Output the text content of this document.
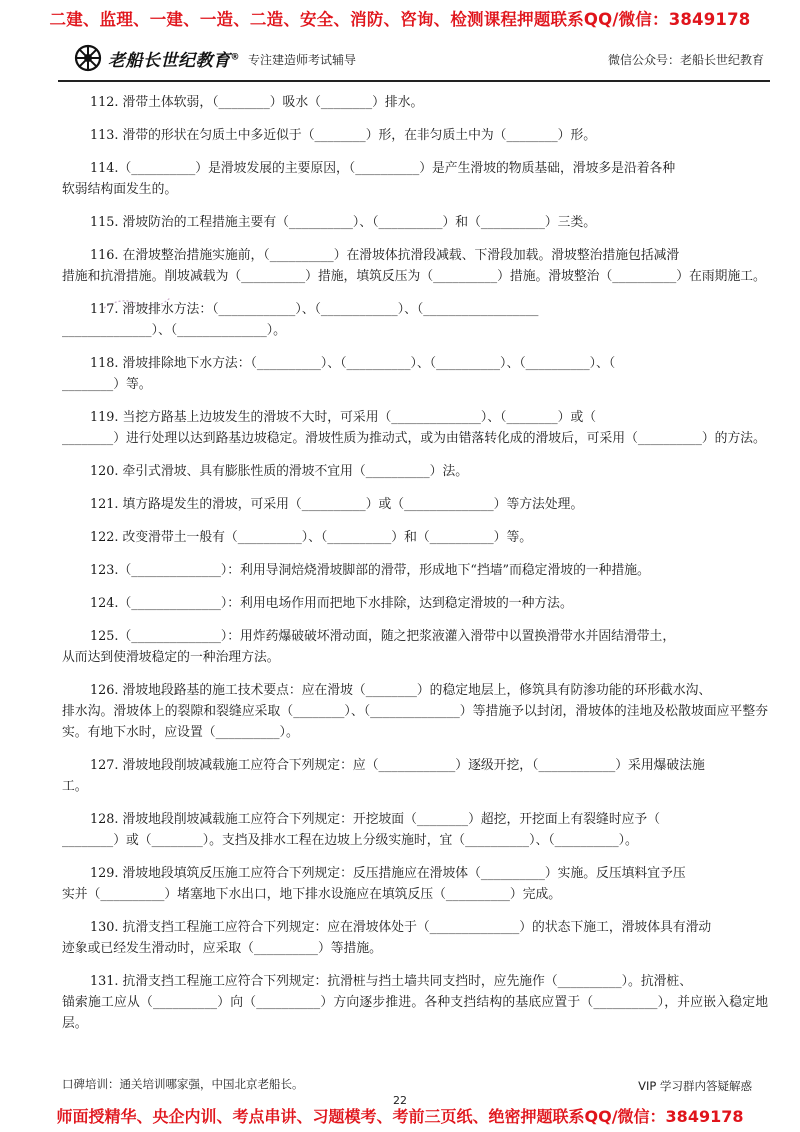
二建、监理、一建、一造、二造、安全、消防、咨询、检测课程押题联系QQ/微信：3849178
老船长世纪教育® 专注建造师考试辅导	微信公众号：老船长世纪教育

112. 滑带土体软弱，（________）吸水（________）排水。

113. 滑带的形状在匀质土中多近似于（________）形，在非匀质土中为（________）形。

114.（__________）是滑坡发展的主要原因，（__________）是产生滑坡的物质基础，滑坡多是沿着各种

软弱结构面发生的。

115. 滑坡防治的工程措施主要有（__________）、（__________）和（__________）三类。

116. 在滑坡整治措施实施前，（__________）在滑坡体抗滑段减载、下滑段加载。滑坡整治措施包括减滑

措施和抗滑措施。削坡减载为（__________）措施，填筑反压为（__________）措施。滑坡整治（__________）在雨期施工。

117. 滑坡排水方法：（____________）、（____________）、（__________________

______________）、（______________）。

118. 滑坡排除地下水方法：（__________）、（__________）、（__________）、（__________）、（

________）等。

119. 当挖方路基上边坡发生的滑坡不大时，可采用（______________）、（________）或（

________）进行处理以达到路基边坡稳定。滑坡性质为推动式，或为由错落转化成的滑坡后，可采用（__________）的方法。

120. 牵引式滑坡、具有膨胀性质的滑坡不宜用（__________）法。

121. 填方路堤发生的滑坡，可采用（__________）或（______________）等方法处理。

122. 改变滑带土一般有（__________）、（__________）和（__________）等。

123.（______________）：利用导洞焙烧滑坡脚部的滑带，形成地下“挡墙”而稳定滑坡的一种措施。

124.（______________）：利用电场作用而把地下水排除，达到稳定滑坡的一种方法。

125.（______________）：用炸药爆破破坏滑动面，随之把浆液灌入滑带中以置换滑带水并固结滑带土，

从而达到使滑坡稳定的一种治理方法。

126. 滑坡地段路基的施工技术要点：应在滑坡（________）的稳定地层上，修筑具有防渗功能的环形截水沟、

排水沟。滑坡体上的裂隙和裂缝应采取（________）、（______________）等措施予以封闭，滑坡体的洼地及松散坡面应平整夯实。有地下水时，应设置（__________）。

127. 滑坡地段削坡减载施工应符合下列规定：应（____________）逐级开挖，（____________）采用爆破法施

工。

128. 滑坡地段削坡减载施工应符合下列规定：开挖坡面（________）超挖，开挖面上有裂缝时应予（

________）或（________）。支挡及排水工程在边坡上分级实施时，宜（__________）、（__________）。

129. 滑坡地段填筑反压施工应符合下列规定：反压措施应在滑坡体（__________）实施。反压填料宜予压

实并（__________）堵塞地下水出口，地下排水设施应在填筑反压（__________）完成。

130. 抗滑支挡工程施工应符合下列规定：应在滑坡体处于（______________）的状态下施工，滑坡体具有滑动

迹象或已经发生滑动时，应采取（__________）等措施。

131. 抗滑支挡工程施工应符合下列规定：抗滑桩与挡土墙共同支挡时，应先施作（__________）。抗滑桩、

锚索施工应从（__________）向（__________）方向逐步推进。各种支挡结构的基底应置于（__________），并应嵌入稳定地层。

口碑培训：通关培训哪家强，中国北京老船长。	VIP 学习群内答疑解惑
22
师面授精华、央企内训、考点串讲、习题模考、考前三页纸、绝密押题联系QQ/微信：3849178
